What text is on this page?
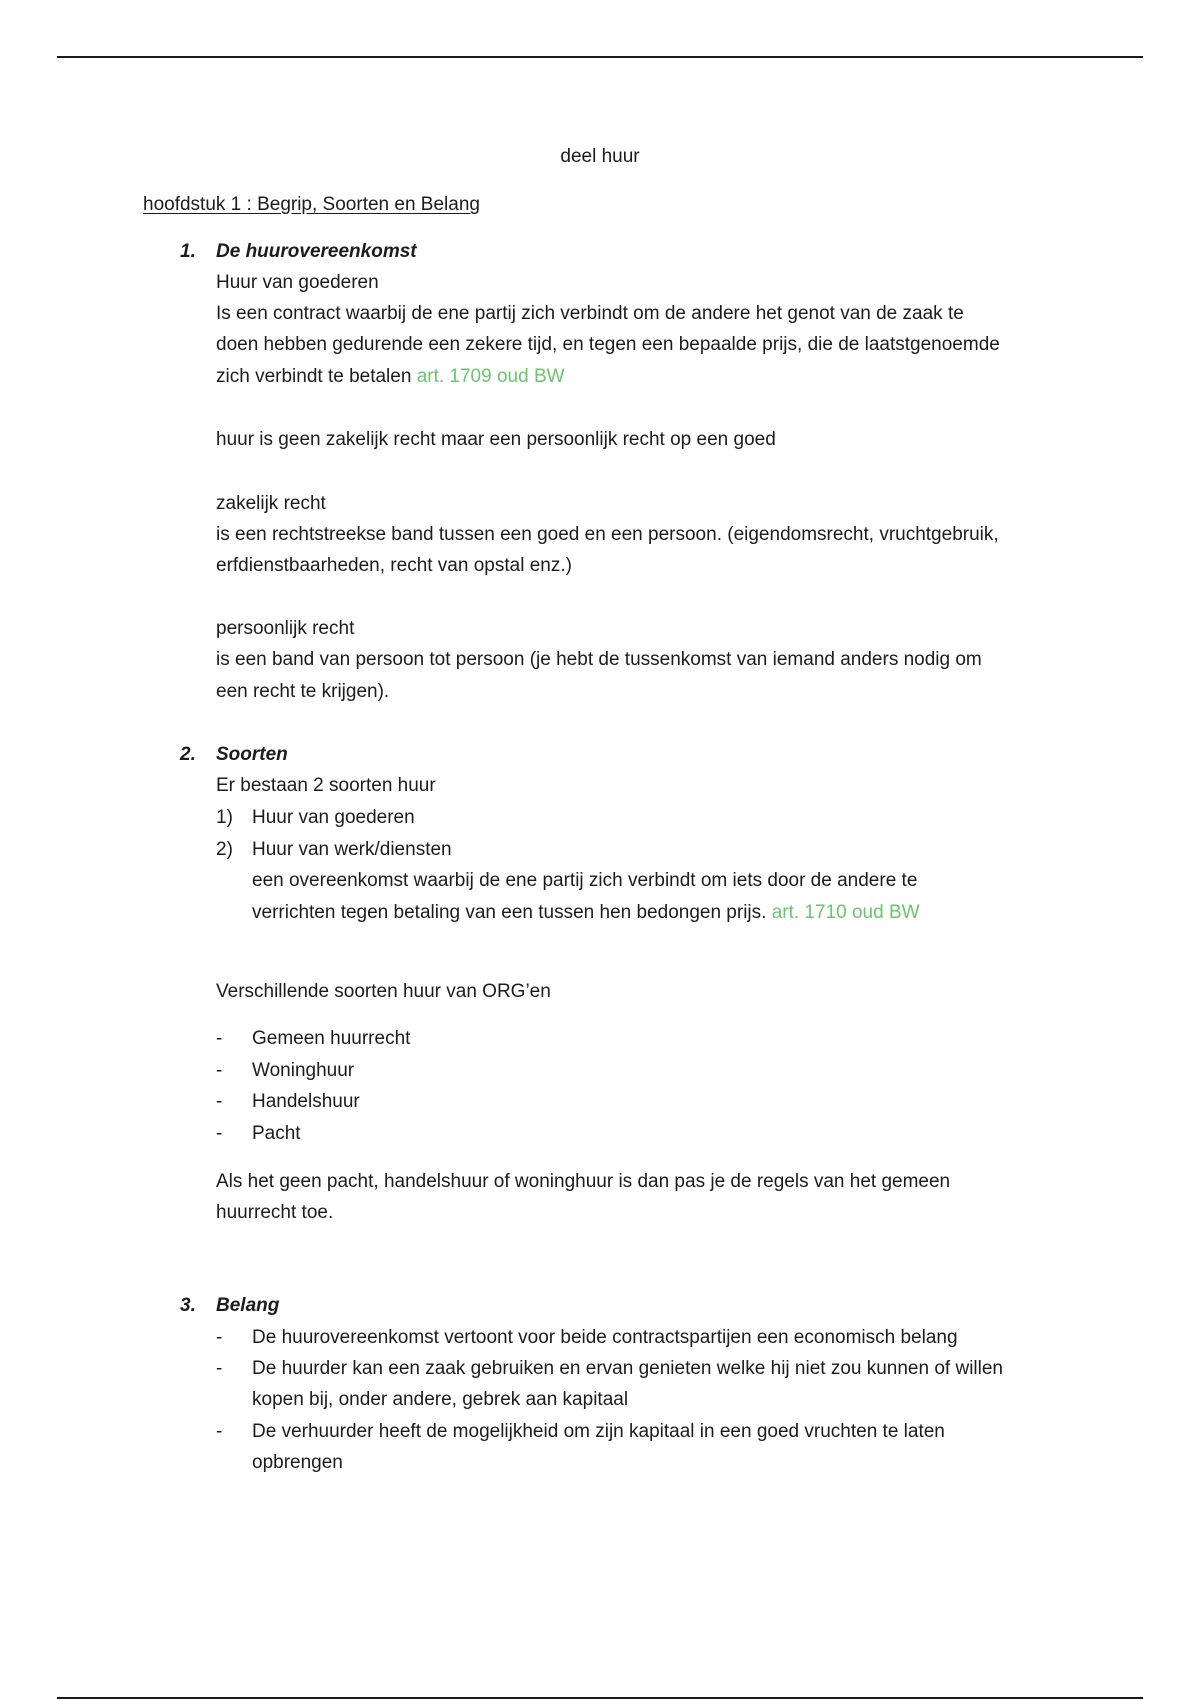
deel huur
hoofdstuk 1 : Begrip, Soorten en Belang
1. De huurovereenkomst
Huur van goederen
Is een contract waarbij de ene partij zich verbindt om de andere het genot van de zaak te
doen hebben gedurende een zekere tijd, en tegen een bepaalde prijs, die de laatstgenoemde
zich verbindt te betalen art. 1709 oud BW
huur is geen zakelijk recht maar een persoonlijk recht op een goed
zakelijk recht
is een rechtstreekse band tussen een goed en een persoon. (eigendomsrecht, vruchtgebruik,
erfdienstbaarheden, recht van opstal enz.)
persoonlijk recht
is een band van persoon tot persoon (je hebt de tussenkomst van iemand anders nodig om
een recht te krijgen).
2. Soorten
Er bestaan 2 soorten huur
1) Huur van goederen
2) Huur van werk/diensten
een overeenkomst waarbij de ene partij zich verbindt om iets door de andere te
verrichten tegen betaling van een tussen hen bedongen prijs. art. 1710 oud BW
Verschillende soorten huur van ORG’en
- Gemeen huurrecht
- Woninghuur
- Handelshuur
- Pacht
Als het geen pacht, handelshuur of woninghuur is dan pas je de regels van het gemeen
huurrecht toe.
3. Belang
- De huurovereenkomst vertoont voor beide contractspartijen een economisch belang
- De huurder kan een zaak gebruiken en ervan genieten welke hij niet zou kunnen of willen
kopen bij, onder andere, gebrek aan kapitaal
- De verhuurder heeft de mogelijkheid om zijn kapitaal in een goed vruchten te laten
opbrengen
